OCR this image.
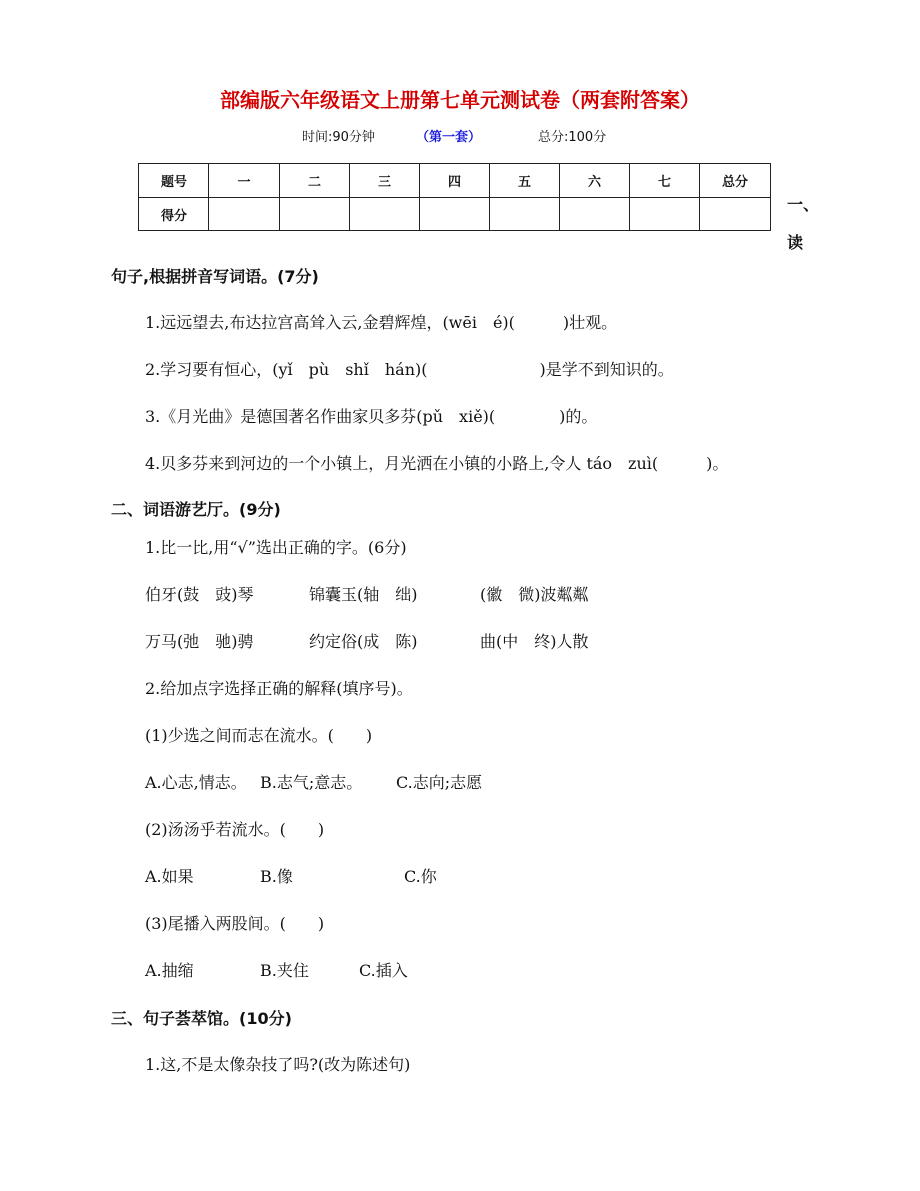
部编版六年级语文上册第七单元测试卷（两套附答案）
时间:90分钟	（第一套）	总分:100分
题号	一	二	三	四	五	六	七	总分
得分								
一、
读
句子,根据拼音写词语。(7分)
1.远远望去,布达拉宫高耸入云,金碧辉煌，(wēi　é)(　　　)壮观。
2.学习要有恒心，(yǐ　pù　shǐ　hán)(　　　　　　　)是学不到知识的。
3.《月光曲》是德国著名作曲家贝多芬(pǔ　xiě)(　　　　)的。
4.贝多芬来到河边的一个小镇上，月光洒在小镇的小路上,令人 táo　zuì(　　　)。
二、词语游艺厅。(9分)
1.比一比,用“√”选出正确的字。(6分)
伯牙(鼓　豉)琴	锦囊玉(轴　绌)	(徽　微)波粼粼
万马(弛　驰)骋	约定俗(成　陈)	曲(中　终)人散
2.给加点字选择正确的解释(填序号)。
(1)少选之间而志在流水。(　　)
A.心志,情志。 B.志气;意志。 C.志向;志愿
(2)汤汤乎若流水。(　　)
A.如果	B.像	C.你
(3)尾播入两股间。(　　)
A.抽缩	B.夹住	C.插入
三、句子荟萃馆。(10分)
1.这,不是太像杂技了吗?(改为陈述句)
